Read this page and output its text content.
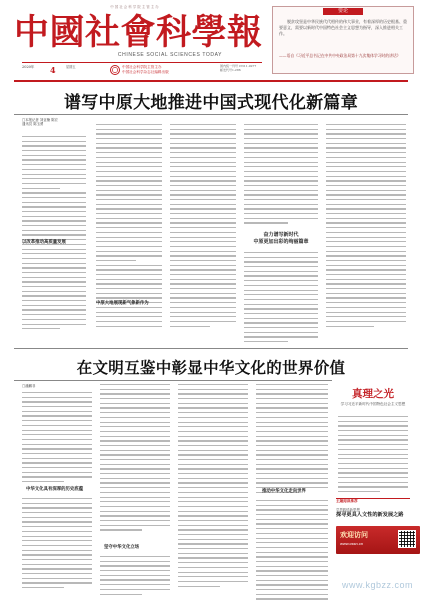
中国社会科学院主管主办
中國社會科學報
CHINESE SOCIAL SCIENCES TODAY
2020年	4	星期五	中国社会科学院主管主办
中国社会科学杂志社编辑出版
国内统一刊号 CN11-0277
邮发代号1-286
要论
脱贫攻坚是中华民族代代相传的伟大事业，有着深厚的历史根基、重要意义，需要以新时代中国特色社会主义思想为指导，深入推进相关工作。
——语自《习近平总书记在中共中央政治局第十九次集体学习时的讲话》
谱写中原大地推进中国式现代化新篇章
□本报记者 刘亚楠 陈宏
通讯员 陈玉勇
以改革推动高质量发展
中原大地展现新气象新作为
奋力谱写新时代
中原更加出彩的绚丽篇章
在文明互鉴中彰显中华文化的世界价值
□潘鹏非
中华文化具有深厚的历史底蕴
坚守中华文化立场
推动中华文化走向世界
真理之光
学习习近平新时代中国特色社会主义思想
主题阅读推荐
学思践悟新思想
探寻更具人文性的新发展之路
欢迎访问
www.cssn.cn
www.kgbzz.com
